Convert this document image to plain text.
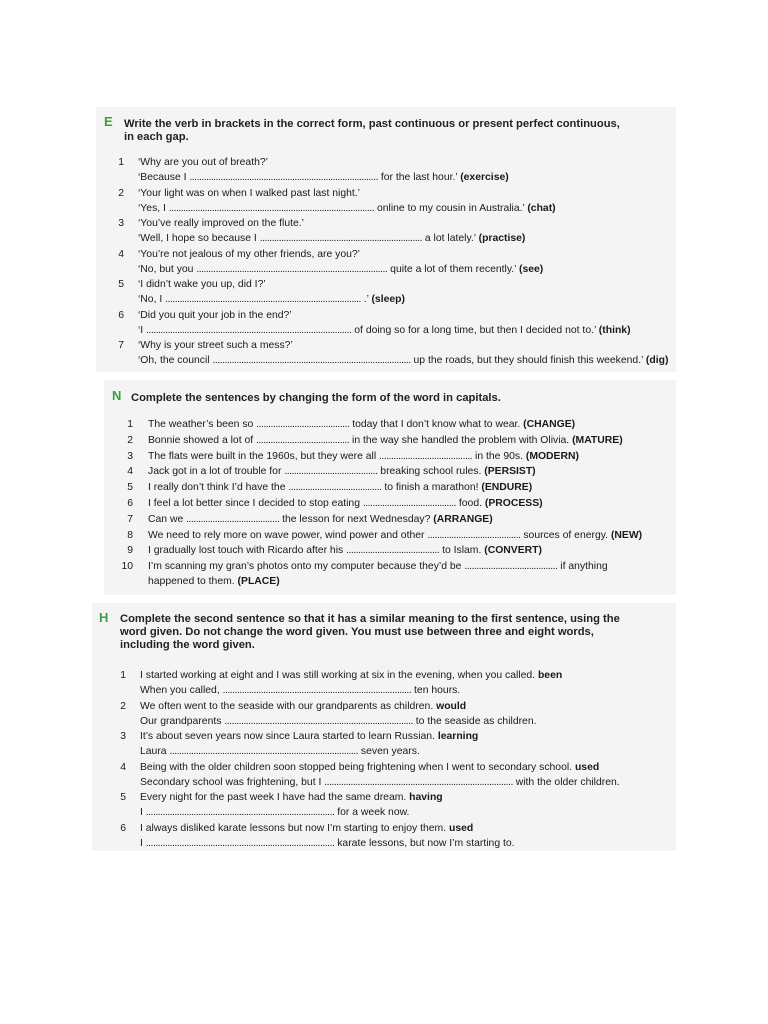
E Write the verb in brackets in the correct form, past continuous or present perfect continuous,
in each gap.
1 ‘Why are you out of breath?’
‘Because I ............................................................................... for the last hour.’ (exercise)
2 ‘Your light was on when I walked past last night.’
‘Yes, I ...................................................................................... online to my cousin in Australia.’ (chat)
3 ‘You’ve really improved on the flute.’
‘Well, I hope so because I .................................................................... a lot lately.’ (practise)
4 ‘You’re not jealous of my other friends, are you?’
‘No, but you ................................................................................ quite a lot of them recently.’ (see)
5 ‘I didn’t wake you up, did I?’
‘No, I .................................................................................. .’ (sleep)
6 ‘Did you quit your job in the end?’
‘I ...................................................................................... of doing so for a long time, but then I decided not to.’ (think)
7 ‘Why is your street such a mess?’
‘Oh, the council ................................................................................... up the roads, but they should finish this weekend.’ (dig)
N Complete the sentences by changing the form of the word in capitals.
1 The weather’s been so ....................................... today that I don’t know what to wear. (CHANGE)
2 Bonnie showed a lot of ....................................... in the way she handled the problem with Olivia. (MATURE)
3 The flats were built in the 1960s, but they were all ....................................... in the 90s. (MODERN)
4 Jack got in a lot of trouble for ....................................... breaking school rules. (PERSIST)
5 I really don’t think I’d have the ....................................... to finish a marathon! (ENDURE)
6 I feel a lot better since I decided to stop eating ....................................... food. (PROCESS)
7 Can we ....................................... the lesson for next Wednesday? (ARRANGE)
8 We need to rely more on wave power, wind power and other ....................................... sources of energy. (NEW)
9 I gradually lost touch with Ricardo after his ....................................... to Islam. (CONVERT)
10 I’m scanning my gran’s photos onto my computer because they’d be ....................................... if anything
happened to them. (PLACE)
H Complete the second sentence so that it has a similar meaning to the first sentence, using the
word given. Do not change the word given. You must use between three and eight words,
including the word given.
1 I started working at eight and I was still working at six in the evening, when you called. been
When you called, ............................................................................... ten hours.
2 We often went to the seaside with our grandparents as children. would
Our grandparents ............................................................................... to the seaside as children.
3 It’s about seven years now since Laura started to learn Russian. learning
Laura ............................................................................... seven years.
4 Being with the older children soon stopped being frightening when I went to secondary school. used
Secondary school was frightening, but I ............................................................................... with the older children.
5 Every night for the past week I have had the same dream. having
I ............................................................................... for a week now.
6 I always disliked karate lessons but now I’m starting to enjoy them. used
I ............................................................................... karate lessons, but now I’m starting to.
